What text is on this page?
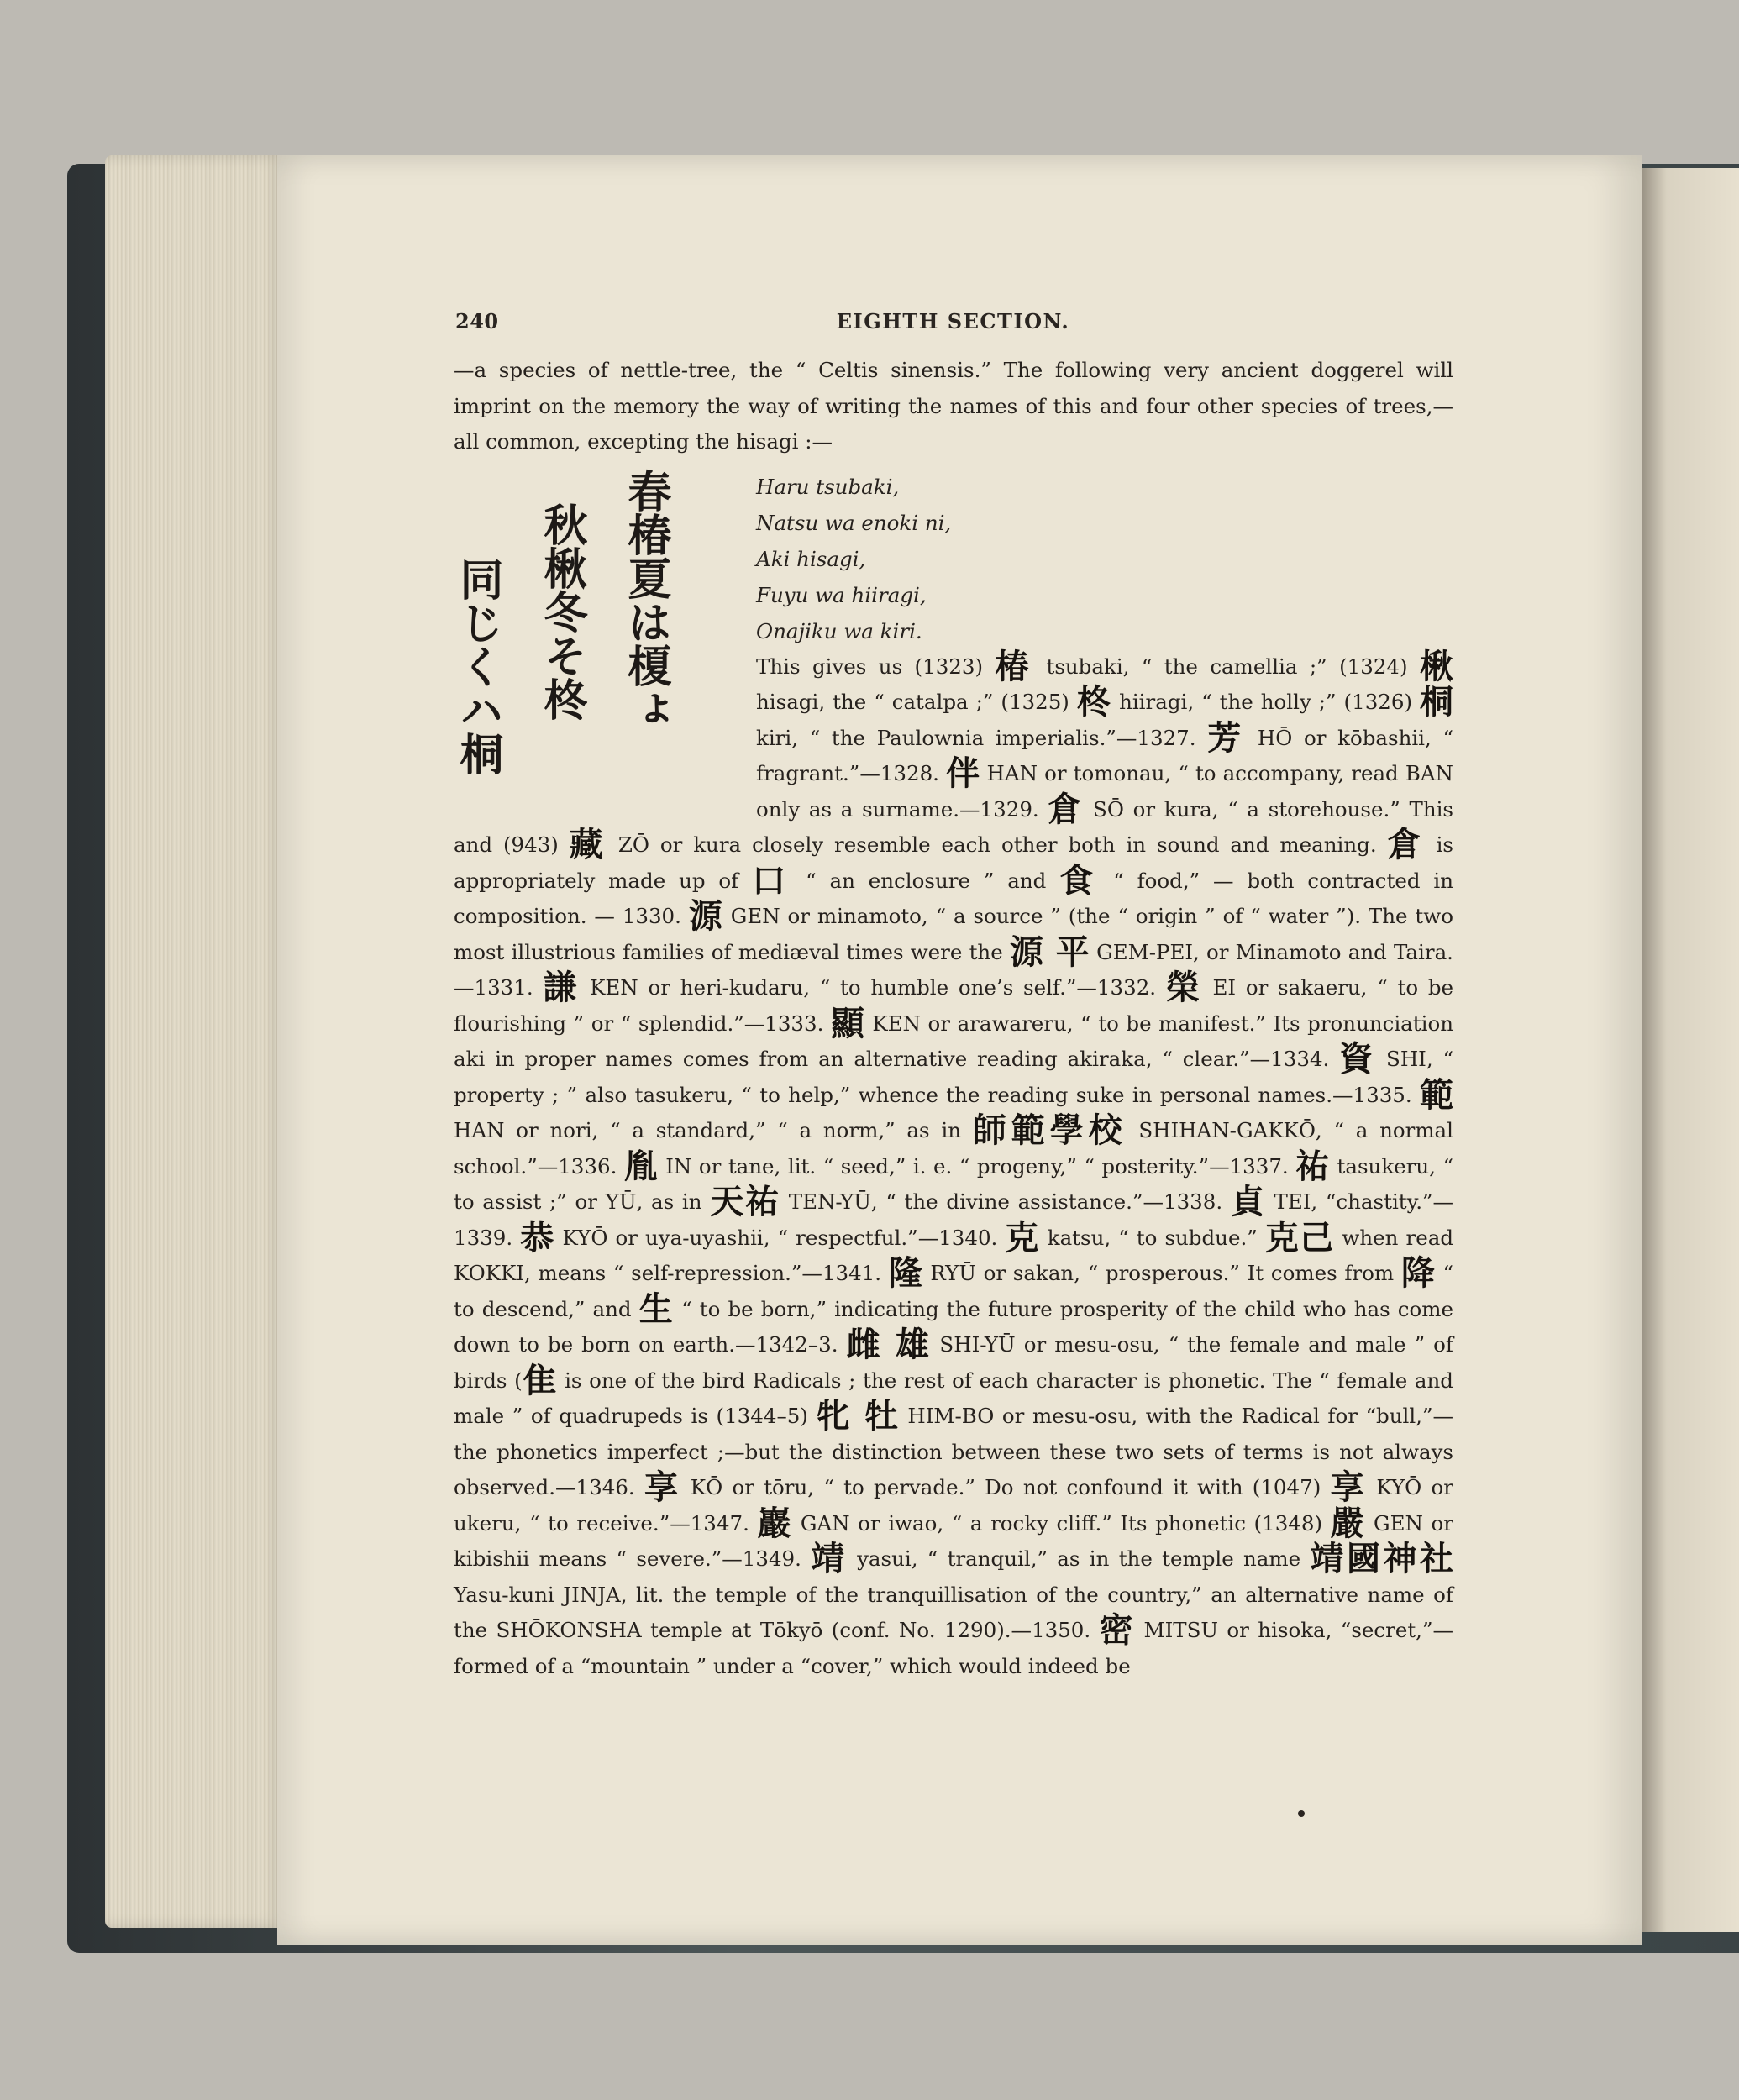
240	EIGHTH SECTION.

—a species of nettle-tree, the “ Celtis sinensis.” The following very ancient doggerel will imprint on the memory the way of writing the names of this and four other species of trees,—all common, excepting the hisagi :—

春椿夏は榎ょ
秋楸冬そ柊
同じくハ桐
Haru tsubaki,
Natsu wa enoki ni,
Aki hisagi,
Fuyu wa hiiragi,
Onajiku wa kiri.

This gives us (1323) 椿 tsubaki, “ the camellia ;” (1324) 楸 hisagi, the “ catalpa ;” (1325) 柊 hiiragi, “ the holly ;” (1326) 桐 kiri, “ the Paulownia imperialis.”—1327. 芳 HŌ or kōbashii, “ fragrant.”—1328. 伴 HAN or tomonau, “ to accompany, read BAN only as a surname.—1329. 倉 SŌ or kura, “ a storehouse.” This and (943) 藏 ZŌ or kura closely resemble each other both in sound and meaning. 倉 is appropriately made up of 口 “ an enclosure ” and 食 “ food,” — both contracted in composition. — 1330. 源 GEN or minamoto, “ a source ” (the “ origin ” of “ water ”). The two most illustrious families of mediæval times were the 源 平 GEM-PEI, or Minamoto and Taira.—1331. 謙 KEN or heri-kudaru, “ to humble one’s self.”—1332. 榮 EI or sakaeru, “ to be flourishing ” or “ splendid.”—1333. 顯 KEN or arawareru, “ to be manifest.” Its pronunciation aki in proper names comes from an alternative reading akiraka, “ clear.”—1334. 資 SHI, “ property ; ” also tasukeru, “ to help,” whence the reading suke in personal names.—1335. 範 HAN or nori, “ a standard,” “ a norm,” as in 師範學校 SHIHAN-GAKKŌ, “ a normal school.”—1336. 胤 IN or tane, lit. “ seed,” i. e. “ progeny,” “ posterity.”—1337. 祐 tasukeru, “ to assist ;” or YŪ, as in 天祐 TEN-YŪ, “ the divine assistance.”—1338. 貞 TEI, “chastity.”—1339. 恭 KYŌ or uya-uyashii, “ respectful.”—1340. 克 katsu, “ to subdue.” 克己 when read KOKKI, means “ self-repression.”—1341. 隆 RYŪ or sakan, “ prosperous.” It comes from 降 “ to descend,” and 生 “ to be born,” indicating the future prosperity of the child who has come down to be born on earth.—1342–3. 雌 雄 SHI-YŪ or mesu-osu, “ the female and male ” of birds (隹 is one of the bird Radicals ; the rest of each character is phonetic. The “ female and male ” of quadrupeds is (1344–5) 牝 牡 HIM-BO or mesu-osu, with the Radical for “bull,”—the phonetics imperfect ;—but the distinction between these two sets of terms is not always observed.—1346. 享 KŌ or tōru, “ to pervade.” Do not confound it with (1047) 享 KYŌ or ukeru, “ to receive.”—1347. 巖 GAN or iwao, “ a rocky cliff.” Its phonetic (1348) 嚴 GEN or kibishii means “ severe.”—1349. 靖 yasui, “ tranquil,” as in the temple name 靖國神社 Yasu-kuni JINJA, lit. the temple of the tranquillisation of the country,” an alternative name of the SHŌKONSHA temple at Tōkyō (conf. No. 1290).—1350. 密 MITSU or hisoka, “secret,”—formed of a “mountain ” under a “cover,” which would indeed be
